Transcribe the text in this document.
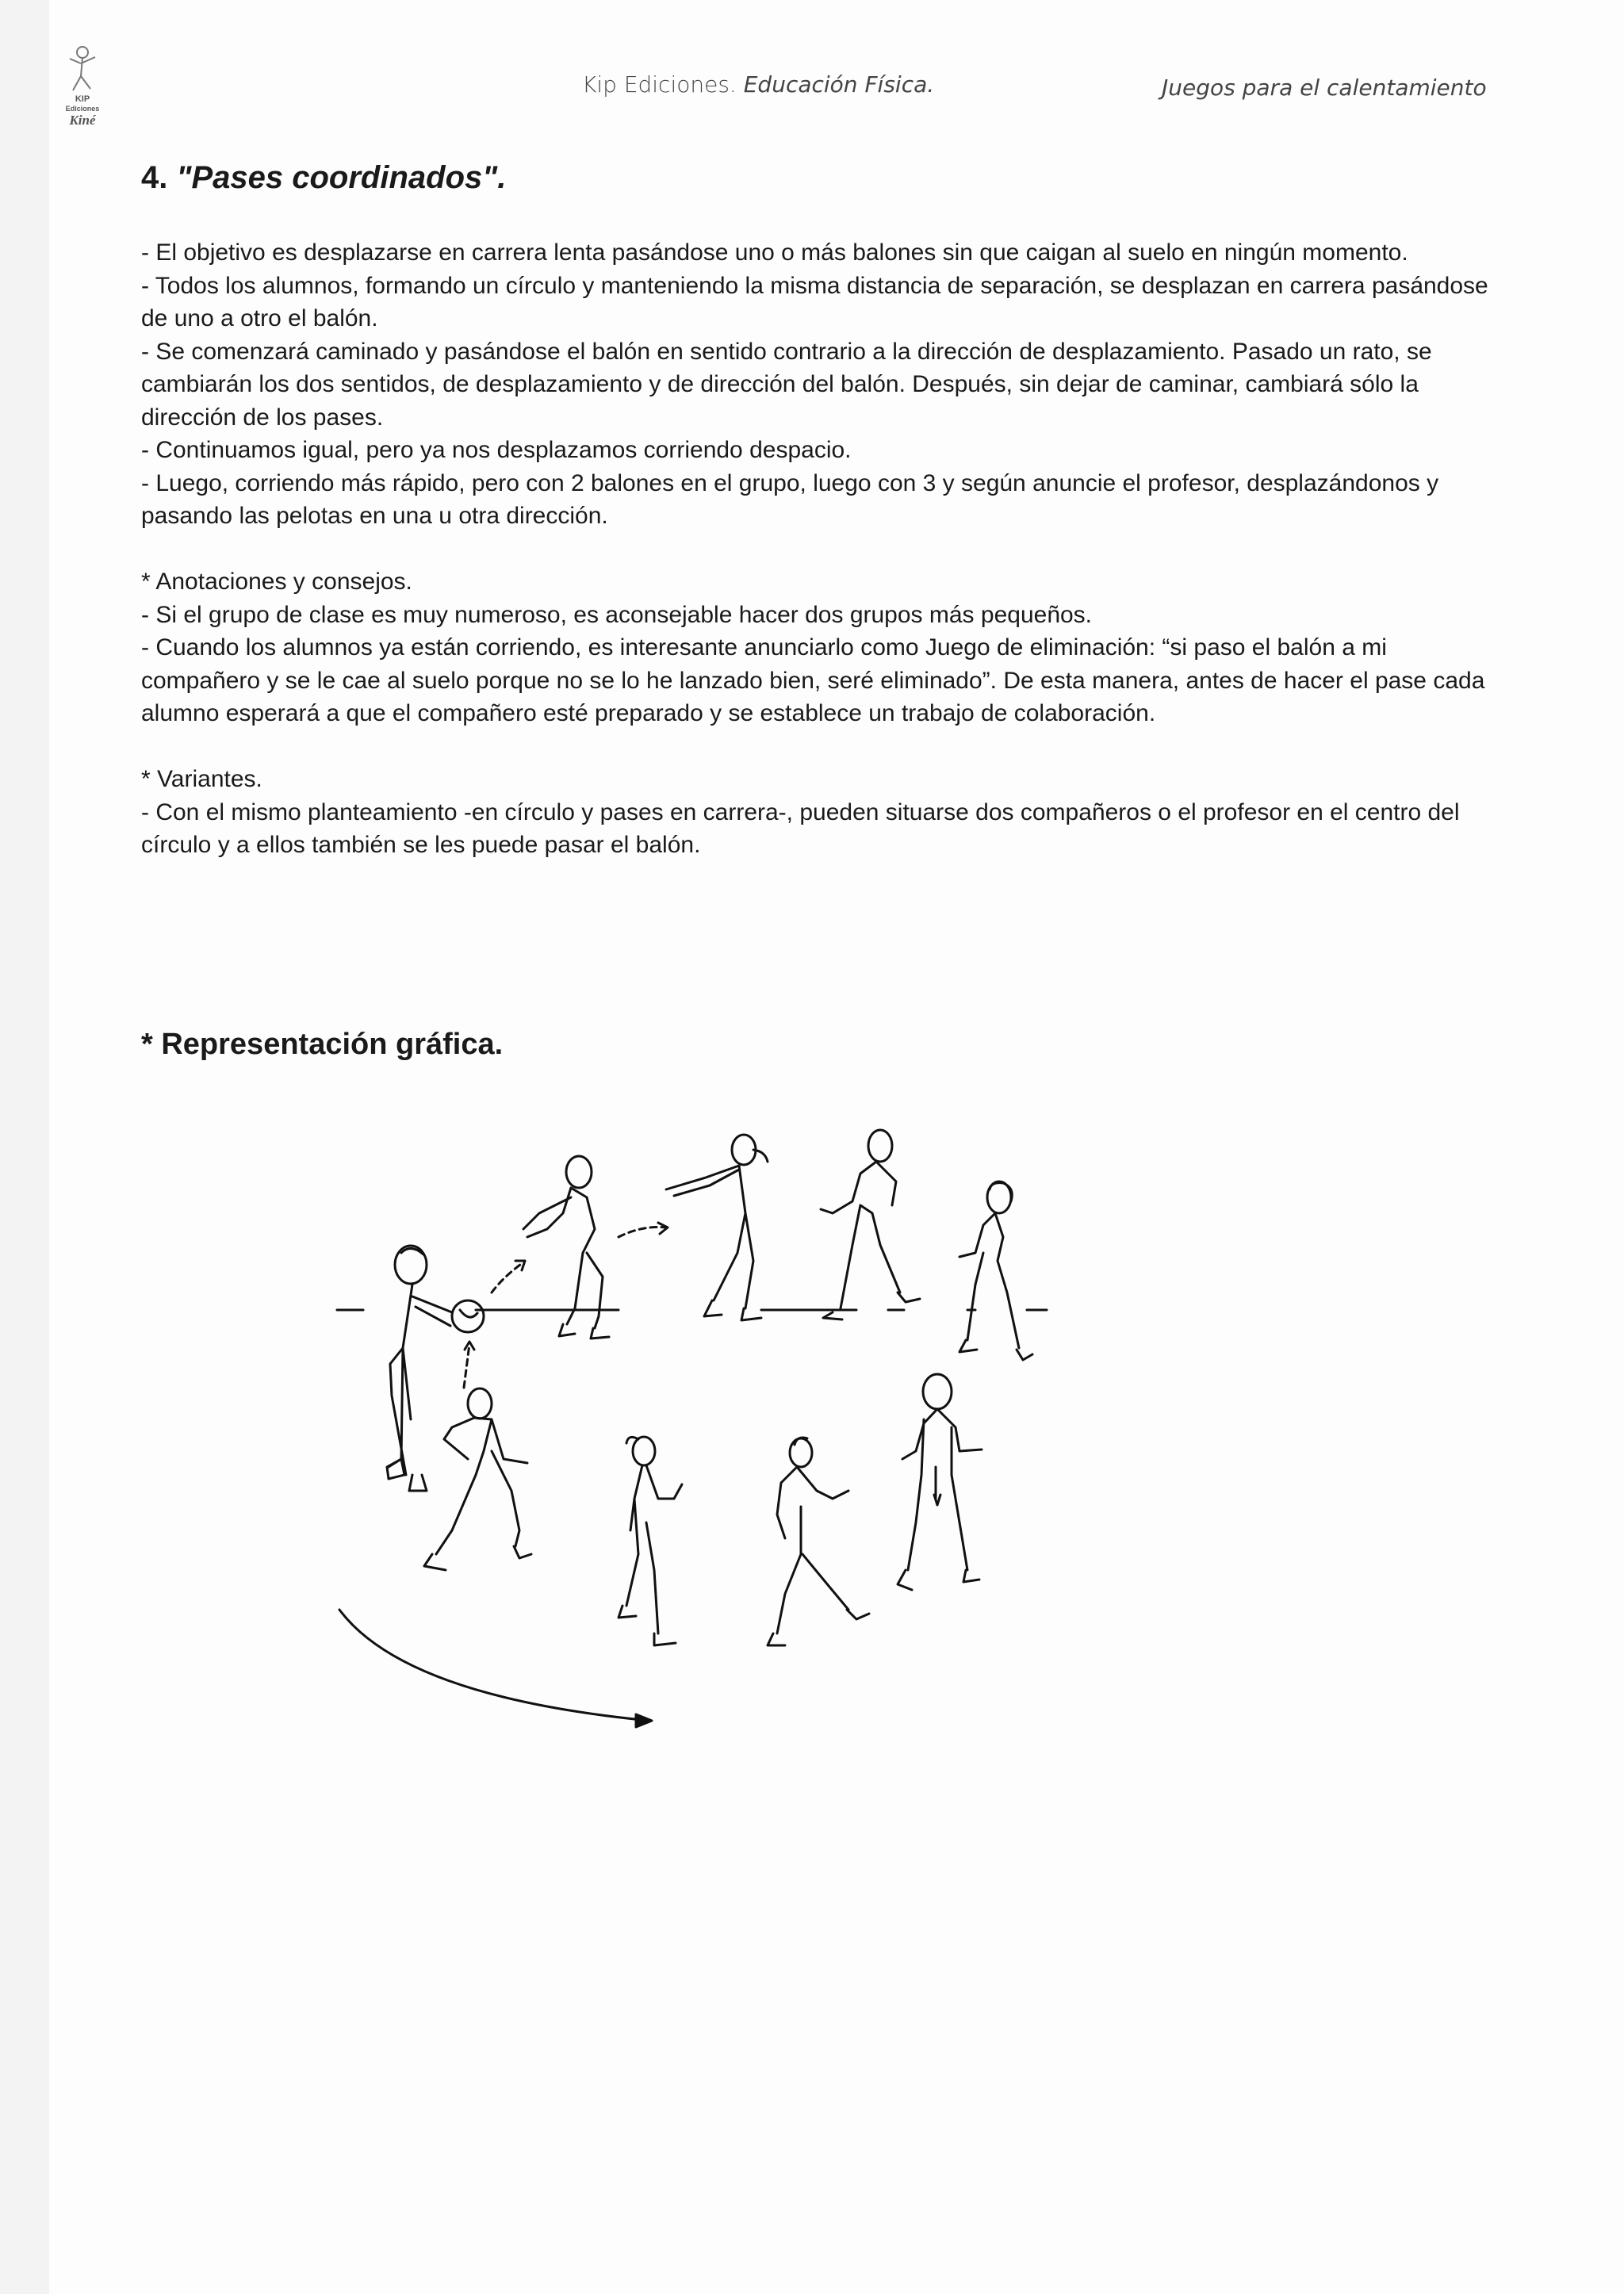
KIP
Ediciones
Kiné
Kip Ediciones. Educación Física.	Juegos para el calentamiento
4. "Pases coordinados".

- El objetivo es desplazarse en carrera lenta pasándose uno o más balones sin que caigan al suelo en ningún momento.

- Todos los alumnos, formando un círculo y manteniendo la misma distancia de separación, se desplazan en carrera pasándose de uno a otro el balón.

- Se comenzará caminado y pasándose el balón en sentido contrario a la dirección de desplazamiento. Pasado un rato, se cambiarán los dos sentidos, de desplazamiento y de dirección del balón. Después, sin dejar de caminar, cambiará sólo la dirección de los pases.

- Continuamos igual, pero ya nos desplazamos corriendo despacio.

- Luego, corriendo más rápido, pero con 2 balones en el grupo, luego con 3 y según anuncie el profesor, desplazándonos y pasando las pelotas en una u otra dirección.

* Anotaciones y consejos.

- Si el grupo de clase es muy numeroso, es aconsejable hacer dos grupos más pequeños.

- Cuando los alumnos ya están corriendo, es interesante anunciarlo como Juego de eliminación: “si paso el balón a mi compañero y se le cae al suelo porque no se lo he lanzado bien, seré eliminado”. De esta manera, antes de hacer el pase cada alumno esperará a que el compañero esté preparado y se establece un trabajo de colaboración.

* Variantes.

- Con el mismo planteamiento -en círculo y pases en carrera-, pueden situarse dos compañeros o el profesor en el centro del círculo y a ellos también se les puede pasar el balón.

* Representación gráfica.
